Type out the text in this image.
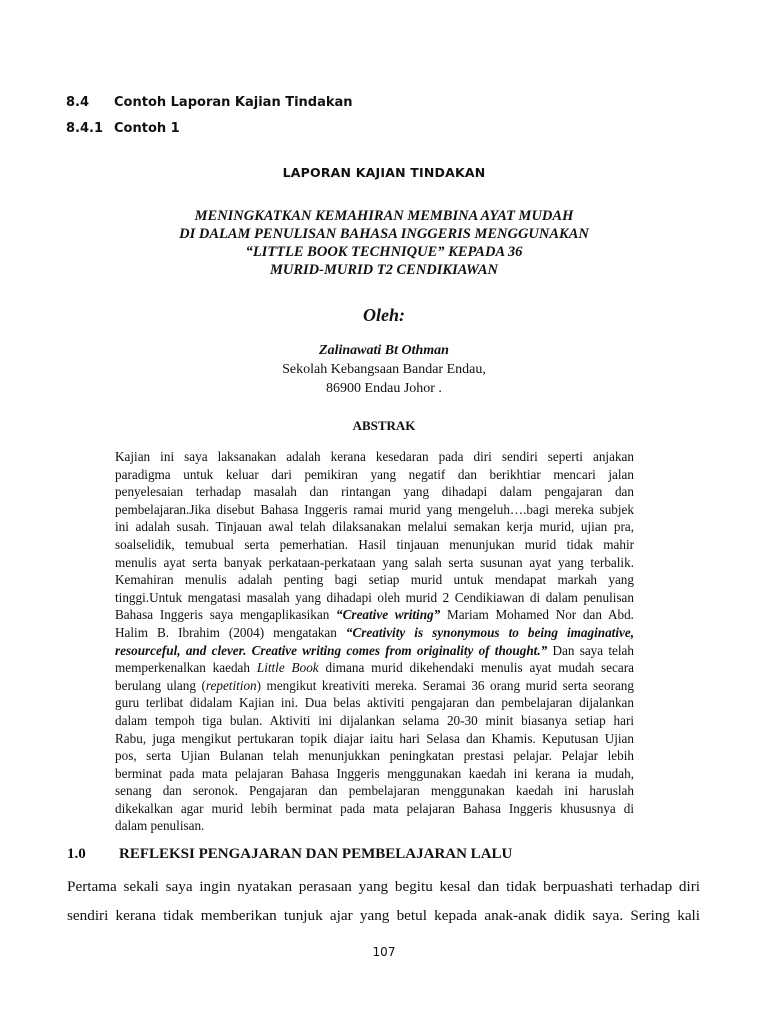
8.4 Contoh Laporan Kajian Tindakan
8.4.1 Contoh 1
LAPORAN KAJIAN TINDAKAN
MENINGKATKAN KEMAHIRAN MEMBINA AYAT MUDAH
DI DALAM PENULISAN BAHASA INGGERIS MENGGUNAKAN
“LITTLE BOOK TECHNIQUE” KEPADA 36
MURID-MURID T2 CENDIKIAWAN
Oleh:
Zalinawati Bt Othman
Sekolah Kebangsaan Bandar Endau,
86900 Endau Johor .
ABSTRAK
Kajian ini saya laksanakan adalah kerana kesedaran pada diri sendiri seperti anjakan
paradigma untuk keluar dari pemikiran yang negatif dan berikhtiar mencari jalan
penyelesaian terhadap masalah dan rintangan yang dihadapi dalam pengajaran dan
pembelajaran.Jika disebut Bahasa Inggeris ramai murid yang mengeluh….bagi mereka subjek
ini adalah susah. Tinjauan awal telah dilaksanakan melalui semakan kerja murid, ujian pra,
soalselidik, temubual serta pemerhatian. Hasil tinjauan menunjukan murid tidak mahir
menulis ayat serta banyak perkataan-perkataan yang salah serta susunan ayat yang terbalik.
Kemahiran menulis adalah penting bagi setiap murid untuk mendapat markah yang
tinggi.Untuk mengatasi masalah yang dihadapi oleh murid 2 Cendikiawan di dalam penulisan
Bahasa Inggeris saya mengaplikasikan “Creative writing” Mariam Mohamed Nor dan Abd.
Halim B. Ibrahim (2004) mengatakan “Creativity is synonymous to being imaginative,
resourceful, and clever. Creative writing comes from originality of thought.” Dan saya telah
memperkenalkan kaedah Little Book dimana murid dikehendaki menulis ayat mudah secara
berulang ulang (repetition) mengikut kreativiti mereka. Seramai 36 orang murid serta seorang
guru terlibat didalam Kajian ini. Dua belas aktiviti pengajaran dan pembelajaran dijalankan
dalam tempoh tiga bulan. Aktiviti ini dijalankan selama 20-30 minit biasanya setiap hari
Rabu, juga mengikut pertukaran topik diajar iaitu hari Selasa dan Khamis. Keputusan Ujian
pos, serta Ujian Bulanan telah menunjukkan peningkatan prestasi pelajar. Pelajar lebih
berminat pada mata pelajaran Bahasa Inggeris menggunakan kaedah ini kerana ia mudah,
senang dan seronok. Pengajaran dan pembelajaran menggunakan kaedah ini haruslah
dikekalkan agar murid lebih berminat pada mata pelajaran Bahasa Inggeris khususnya di
dalam penulisan.
1.0 REFLEKSI PENGAJARAN DAN PEMBELAJARAN LALU
Pertama sekali saya ingin nyatakan perasaan yang begitu kesal dan tidak berpuashati terhadap diri
sendiri kerana tidak memberikan tunjuk ajar yang betul kepada anak-anak didik saya. Sering kali
107
